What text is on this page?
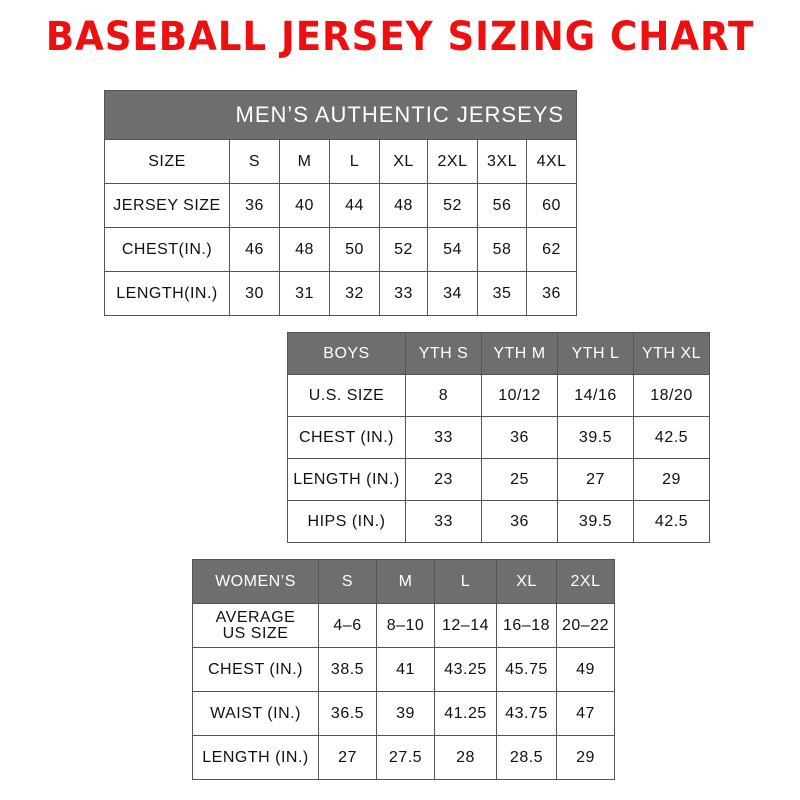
BASEBALL JERSEY SIZING CHART
MEN’S AUTHENTIC JERSEYS							
SIZE	S	M	L	XL	2XL	3XL	4XL
JERSEY SIZE	36	40	44	48	52	56	60
CHEST(IN.)	46	48	50	52	54	58	62
LENGTH(IN.)	30	31	32	33	34	35	36
BOYS	YTH S	YTH M	YTH L	YTH XL
U.S. SIZE	8	10/12	14/16	18/20
CHEST (IN.)	33	36	39.5	42.5
LENGTH (IN.)	23	25	27	29
HIPS (IN.)	33	36	39.5	42.5
WOMEN’S	S	M	L	XL	2XL

AVERAGE
US SIZE	4–6	8–10	12–14	16–18	20–22
CHEST (IN.)	38.5	41	43.25	45.75	49
WAIST (IN.)	36.5	39	41.25	43.75	47
LENGTH (IN.)	27	27.5	28	28.5	29
